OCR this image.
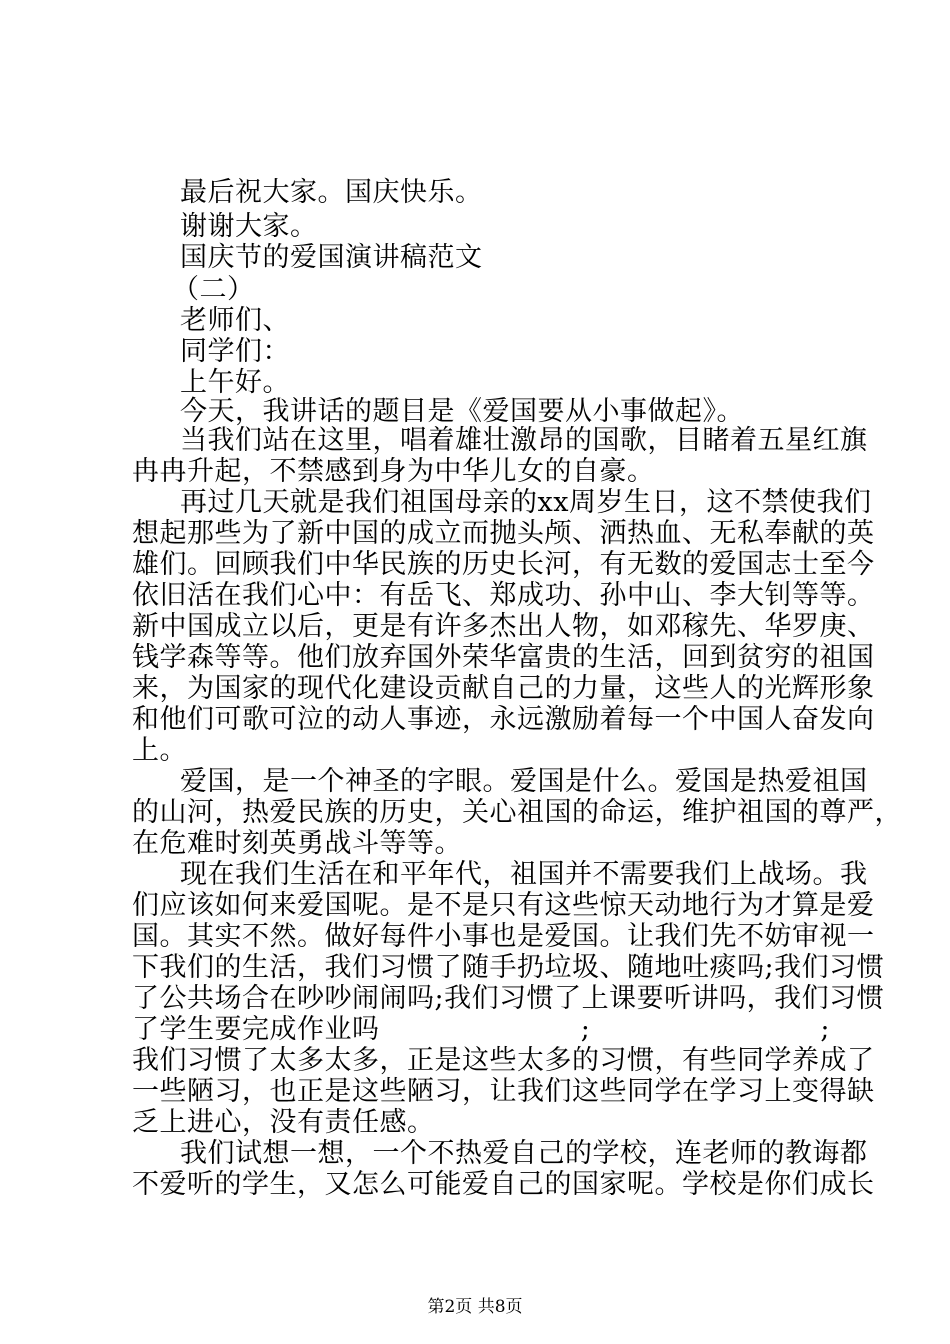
最后祝大家。国庆快乐。
谢谢大家。
国庆节的爱国演讲稿范文
（二）
老师们、
同学们：
上午好。
今天，我讲话的题目是《爱国要从小事做起》。
当我们站在这里，唱着雄壮激昂的国歌，目睹着五星红旗
冉冉升起，不禁感到身为中华儿女的自豪。
再过几天就是我们祖国母亲的xx周岁生日，这不禁使我们
想起那些为了新中国的成立而抛头颅、洒热血、无私奉献的英
雄们。回顾我们中华民族的历史长河，有无数的爱国志士至今
依旧活在我们心中：有岳飞、郑成功、孙中山、李大钊等等。
新中国成立以后，更是有许多杰出人物，如邓稼先、华罗庚、
钱学森等等。他们放弃国外荣华富贵的生活，回到贫穷的祖国
来，为国家的现代化建设贡献自己的力量，这些人的光辉形象
和他们可歌可泣的动人事迹，永远激励着每一个中国人奋发向
上。
爱国，是一个神圣的字眼。爱国是什么。爱国是热爱祖国
的山河，热爱民族的历史，关心祖国的命运，维护祖国的尊严，
在危难时刻英勇战斗等等。
现在我们生活在和平年代，祖国并不需要我们上战场。我
们应该如何来爱国呢。是不是只有这些惊天动地行为才算是爱
国。其实不然。做好每件小事也是爱国。让我们先不妨审视一
下我们的生活，我们习惯了随手扔垃圾、随地吐痰吗;我们习惯
了公共场合在吵吵闹闹吗;我们习惯了上课要听讲吗，我们习惯
了学生要完成作业吗	;	;
我们习惯了太多太多，正是这些太多的习惯，有些同学养成了
一些陋习，也正是这些陋习，让我们这些同学在学习上变得缺
乏上进心，没有责任感。
我们试想一想，一个不热爱自己的学校，连老师的教诲都
不爱听的学生，又怎么可能爱自己的国家呢。学校是你们成长
第2页 共8页
